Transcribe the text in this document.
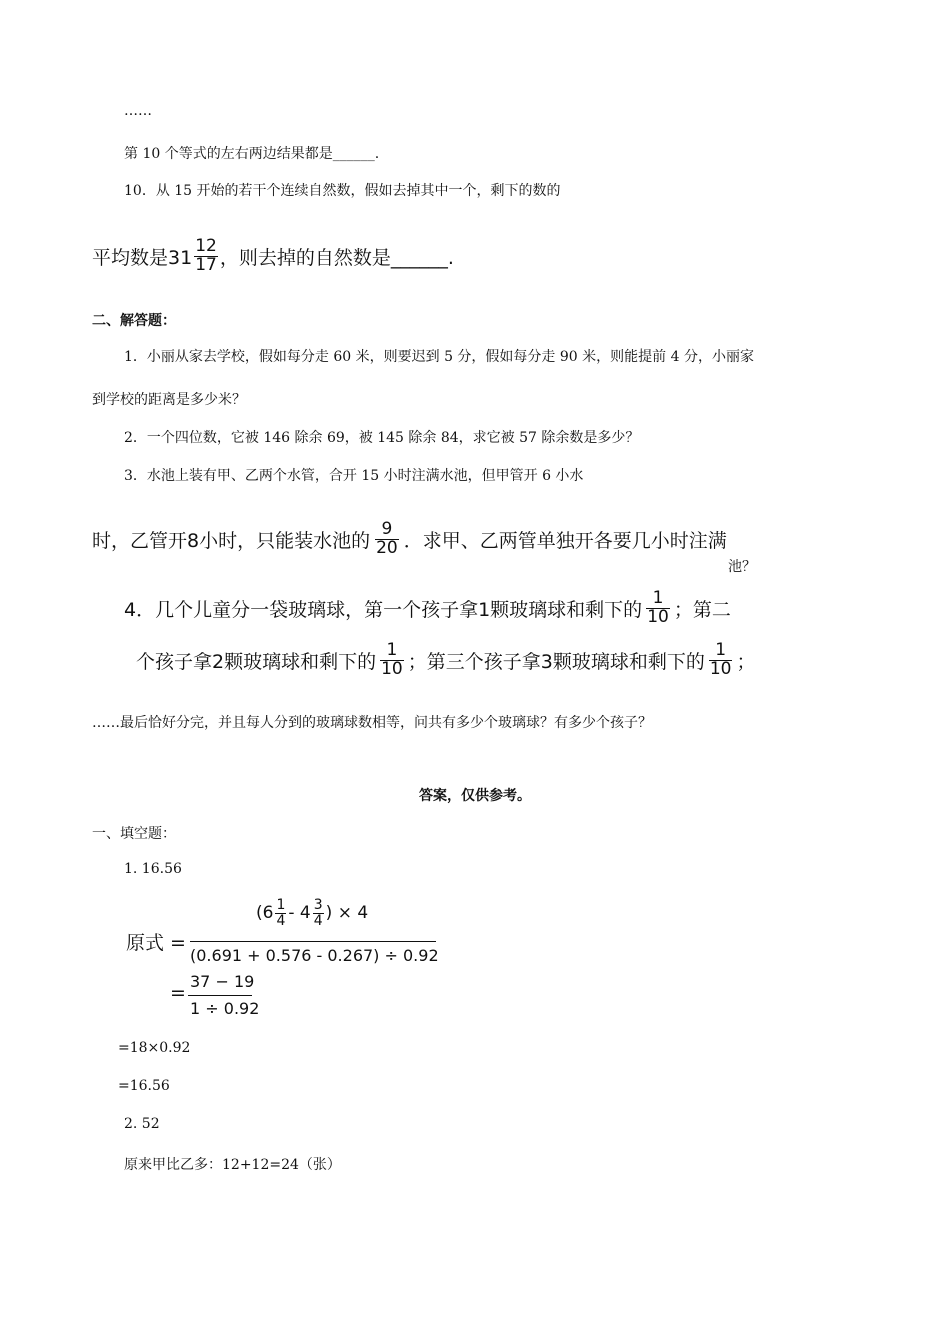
……
第 10 个等式的左右两边结果都是______.
10．从 15 开始的若干个连续自然数，假如去掉其中一个，剩下的数的
平均数是$31 \frac{12}{17}$ ，则去掉的自然数是______.
二、解答题：
1．小丽从家去学校，假如每分走 60 米，则要迟到 5 分，假如每分走 90 米，则能提前 4 分，小丽家
到学校的距离是多少米？
2．一个四位数，它被 146 除余 69，被 145 除余 84，求它被 57 除余数是多少？
3．水池上装有甲、乙两个水管，合开 15 小时注满水池，但甲管开 6 小水
时，乙管开8小时，只能装水池的 $\frac{9}{20}$ ．求甲、乙两管单独开各要几小时注满
池？
4．几个儿童分一袋玻璃球，第一个孩子拿1颗玻璃球和剩下的 $\frac{1}{10}$ ；第二
个孩子拿2颗玻璃球和剩下的 $\frac{1}{10}$ ；第三个孩子拿3颗玻璃球和剩下的 $\frac{1}{10}$ ；
……最后恰好分完，并且每人分到的玻璃球数相等，问共有多少个玻璃球？有多少个孩子？
答案，仅供参考。
一、填空题：
1. 16.56
原式 =
($6 \frac{1}{4} - 4 \frac{3}{4}$ ) × 4
(0.691 + 0.576 - 0.267) ÷ 0.92
=
37 − 19
1 ÷ 0.92
=18×0.92
=16.56
2. 52
原来甲比乙多：12+12=24（张）
